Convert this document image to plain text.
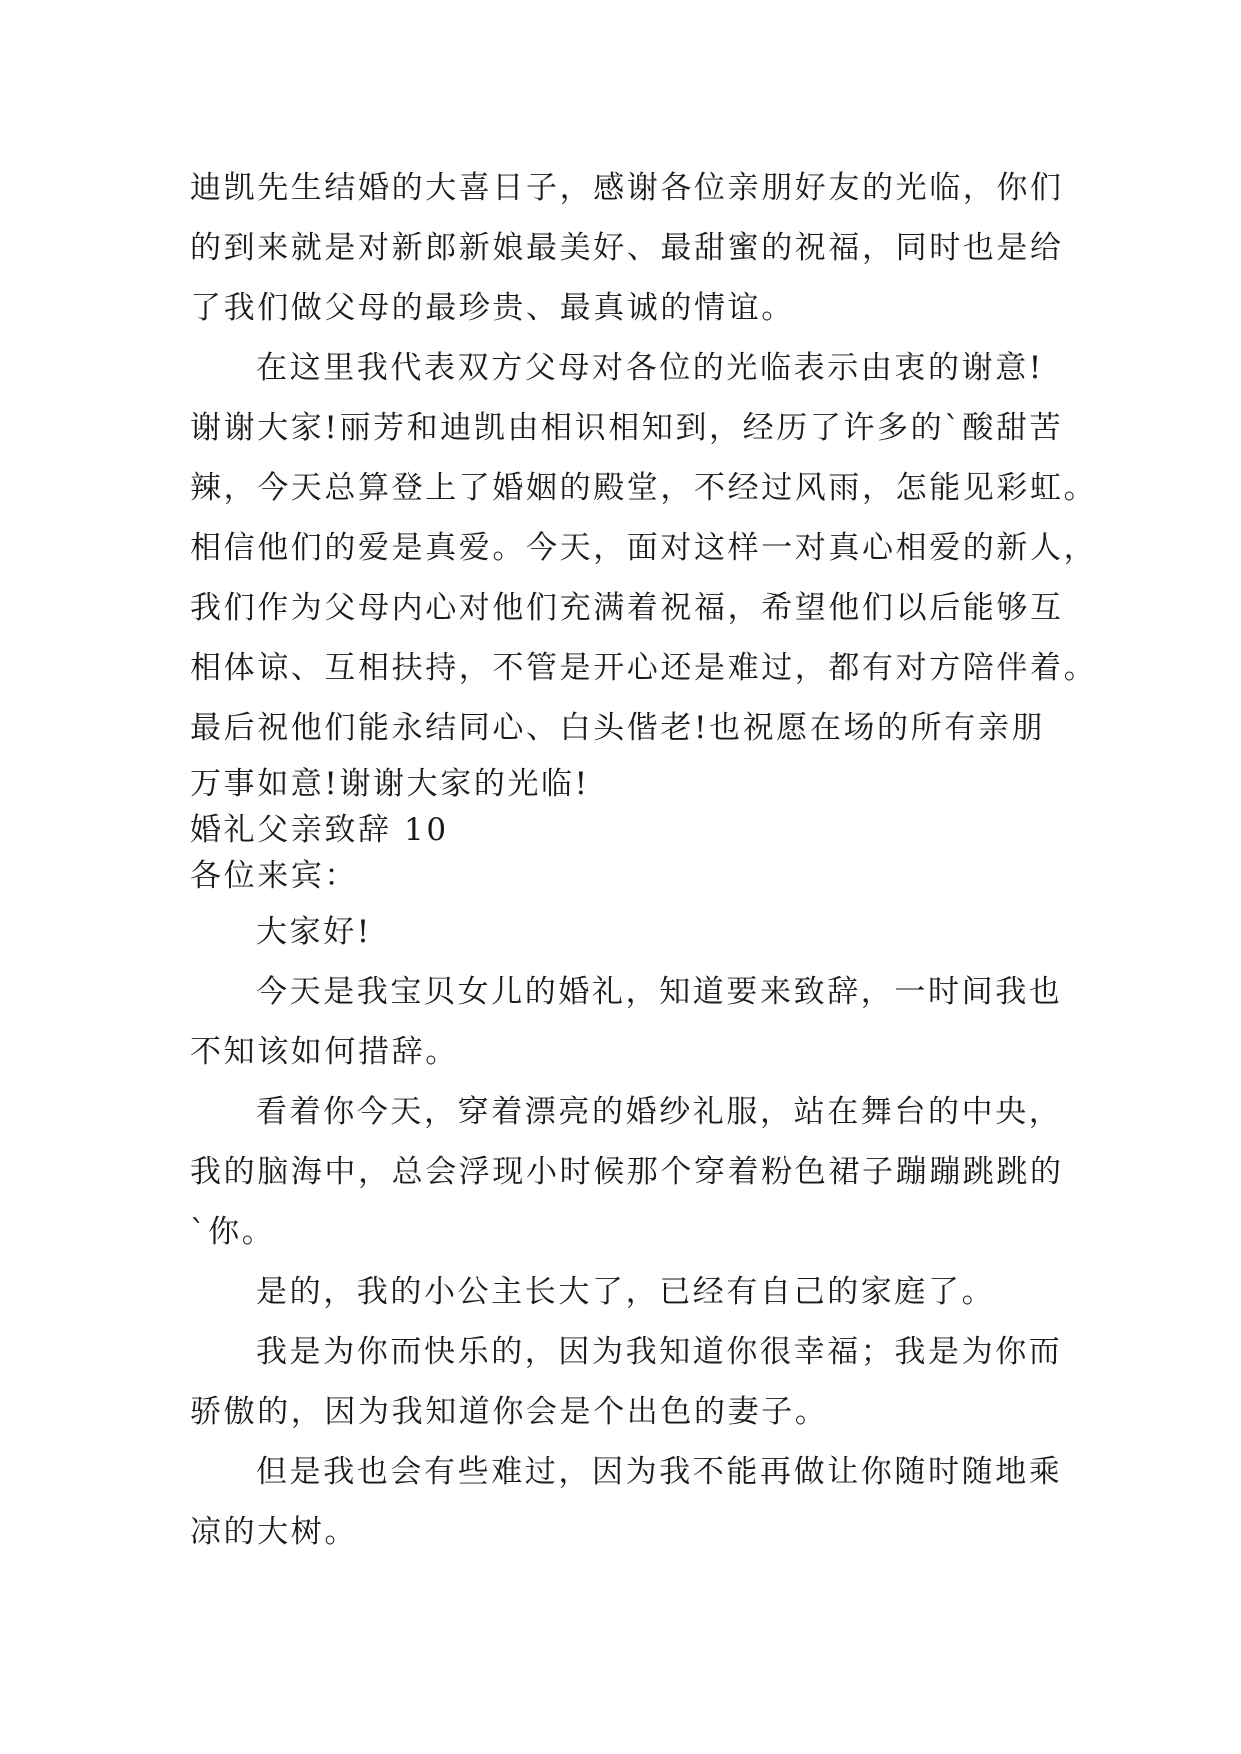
迪凯先生结婚的大喜日子，感谢各位亲朋好友的光临，你们
的到来就是对新郎新娘最美好、最甜蜜的祝福，同时也是给
了我们做父母的最珍贵、最真诚的情谊。
在这里我代表双方父母对各位的光临表示由衷的谢意!
谢谢大家!丽芳和迪凯由相识相知到，经历了许多的`酸甜苦
辣，今天总算登上了婚姻的殿堂，不经过风雨，怎能见彩虹。
相信他们的爱是真爱。今天，面对这样一对真心相爱的新人，
我们作为父母内心对他们充满着祝福，希望他们以后能够互
相体谅、互相扶持，不管是开心还是难过，都有对方陪伴着。
最后祝他们能永结同心、白头偕老!也祝愿在场的所有亲朋
万事如意!谢谢大家的光临!
婚礼父亲致辞 10
各位来宾：
大家好!
今天是我宝贝女儿的婚礼，知道要来致辞，一时间我也
不知该如何措辞。
看着你今天，穿着漂亮的婚纱礼服，站在舞台的中央，
我的脑海中，总会浮现小时候那个穿着粉色裙子蹦蹦跳跳的
`你。
是的，我的小公主长大了，已经有自己的家庭了。
我是为你而快乐的，因为我知道你很幸福；我是为你而
骄傲的，因为我知道你会是个出色的妻子。
但是我也会有些难过，因为我不能再做让你随时随地乘
凉的大树。
